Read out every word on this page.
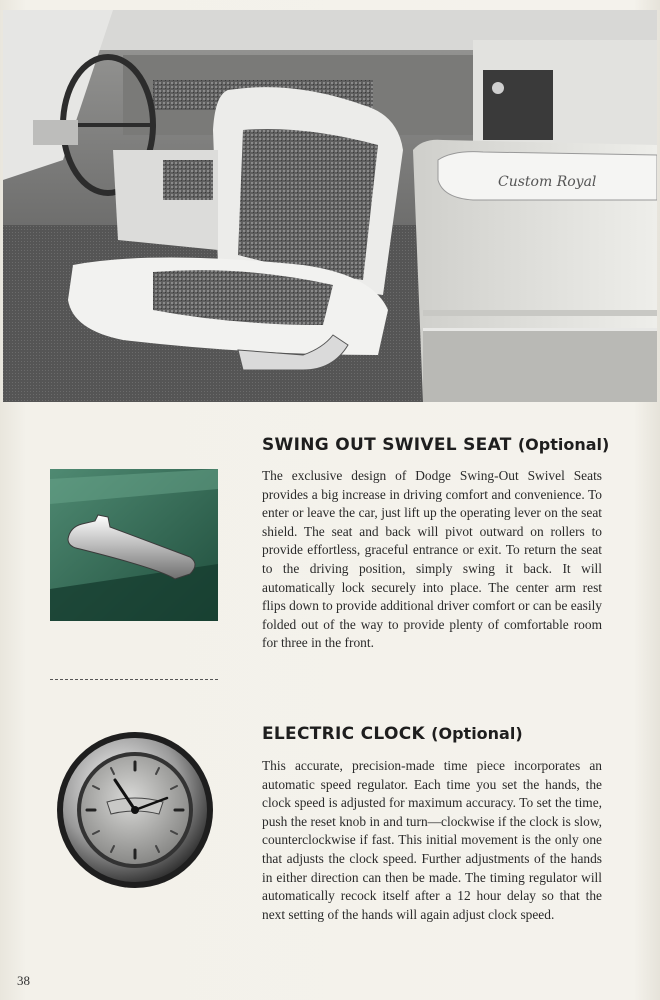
Custom Royal
SWING OUT SWIVEL SEAT (Optional)

The exclusive design of Dodge Swing-Out Swivel Seats provides a big increase in driving comfort and convenience. To enter or leave the car, just lift up the operating lever on the seat shield. The seat and back will pivot outward on rollers to provide effortless, graceful entrance or exit. To return the seat to the driving position, simply swing it back. It will automatically lock securely into place. The center arm rest flips down to provide additional driver comfort or can be easily folded out of the way to provide plenty of comfortable room for three in the front.

ELECTRIC CLOCK (Optional)

This accurate, precision-made time piece incorporates an automatic speed regulator. Each time you set the hands, the clock speed is adjusted for maximum accuracy. To set the time, push the reset knob in and turn—clockwise if the clock is slow, counterclockwise if fast. This initial movement is the only one that adjusts the clock speed. Further adjustments of the hands in either direction can then be made. The timing regulator will automatically recock itself after a 12 hour delay so that the next setting of the hands will again adjust clock speed.

38
